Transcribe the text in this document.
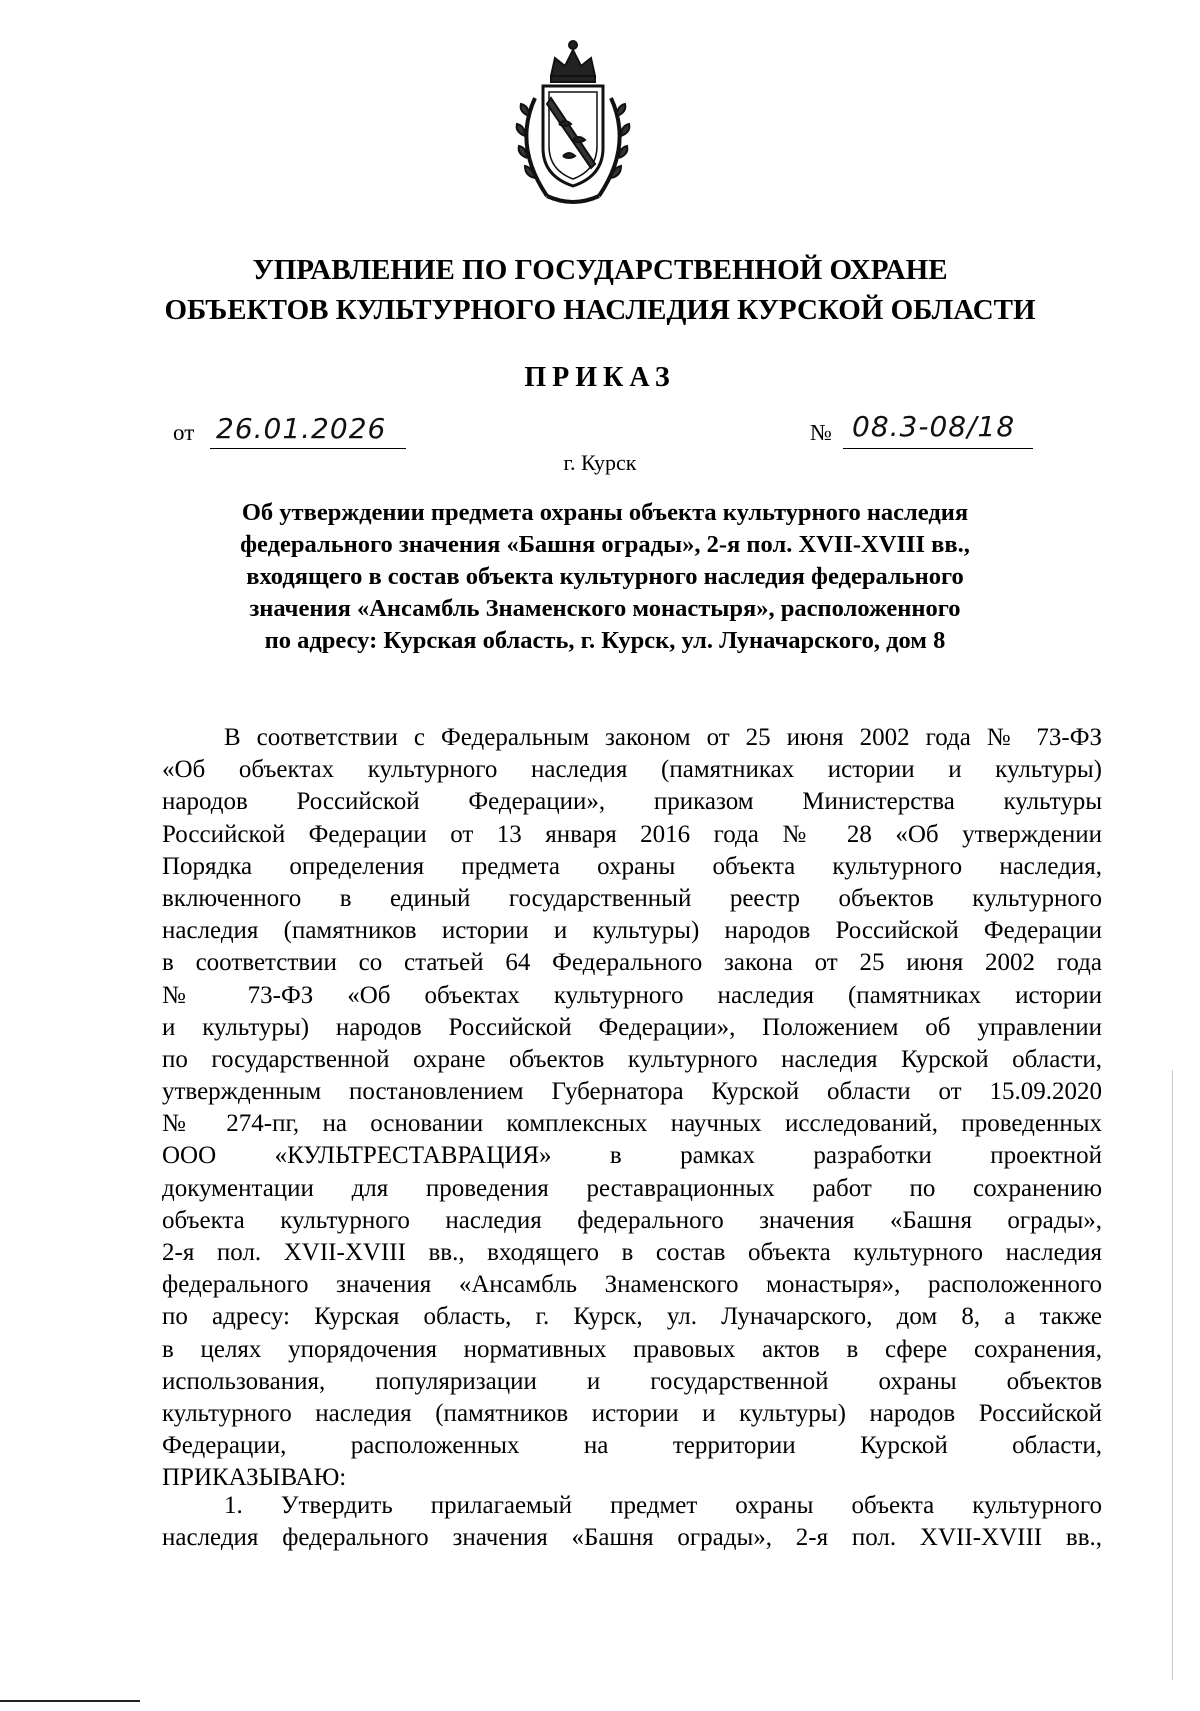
УПРАВЛЕНИЕ ПО ГОСУДАРСТВЕННОЙ ОХРАНЕ
ОБЪЕКТОВ КУЛЬТУРНОГО НАСЛЕДИЯ КУРСКОЙ ОБЛАСТИ
ПРИКАЗ
от 26.01.2026	№ 08.3-08/18
г. Курск
Об утверждении предмета охраны объекта культурного наследия
федерального значения «Башня ограды», 2-я пол. XVII-XVIII вв.,
входящего в состав объекта культурного наследия федерального
значения «Ансамбль Знаменского монастыря», расположенного
по адресу: Курская область, г. Курск, ул. Луначарского, дом 8
В соответствии с Федеральным законом от 25 июня 2002 года № 73-ФЗ
«Об объектах культурного наследия (памятниках истории и культуры)
народов Российской Федерации», приказом Министерства культуры
Российской Федерации от 13 января 2016 года № 28 «Об утверждении
Порядка определения предмета охраны объекта культурного наследия,
включенного в единый государственный реестр объектов культурного
наследия (памятников истории и культуры) народов Российской Федерации
в соответствии со статьей 64 Федерального закона от 25 июня 2002 года
№ 73-ФЗ «Об объектах культурного наследия (памятниках истории
и культуры) народов Российской Федерации», Положением об управлении
по государственной охране объектов культурного наследия Курской области,
утвержденным постановлением Губернатора Курской области от 15.09.2020
№ 274-пг, на основании комплексных научных исследований, проведенных
ООО «КУЛЬТРЕСТАВРАЦИЯ» в рамках разработки проектной
документации для проведения реставрационных работ по сохранению
объекта культурного наследия федерального значения «Башня ограды»,
2-я пол. XVII-XVIII вв., входящего в состав объекта культурного наследия
федерального значения «Ансамбль Знаменского монастыря», расположенного
по адресу: Курская область, г. Курск, ул. Луначарского, дом 8, а также
в целях упорядочения нормативных правовых актов в сфере сохранения,
использования, популяризации и государственной охраны объектов
культурного наследия (памятников истории и культуры) народов Российской
Федерации, расположенных на территории Курской области,
ПРИКАЗЫВАЮ:
1. Утвердить прилагаемый предмет охраны объекта культурного
наследия федерального значения «Башня ограды», 2-я пол. XVII-XVIII вв.,
